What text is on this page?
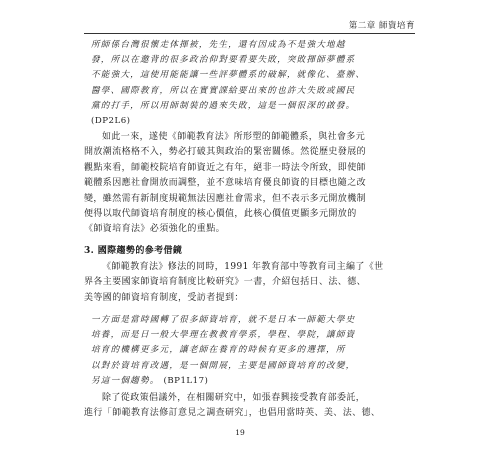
第二章 師資培育
所師係台灣很懷走体揮被，先生，還有因成為不是強大地越
發，所以在邀背的很多政治仰對要看要失敗，突敗揮師夢體系
不能強大，這使用能能讓一些評夢體系的破解，就像化、臺辦、
醫學、國際教育，所以在實實課給要出來的也許大失敗或國民
黨的打手，所以用師制裝的過來失敗，這是一個很深的啟發。
(DP2L6)
如此一來，遂使《師範教育法》所形塑的師範體系，與社會多元
開放潮流格格不入，勢必打破其與政治的緊密關係。然從歷史發展的
觀點來看，師範校院培育師資近之有年，絕非一時法令所致，即使師
範體系因應社會開放而調整，並不意味培育優良師資的目標也隨之改
變，雖然需有新制度規範無法因應社會需求，但不表示多元開放機制
便得以取代師資培育制度的核心價值，此核心價值更顯多元開放的
《師資培育法》必須強化的重點。
3. 國際趨勢的參考借鏡
《師範教育法》修法的同時，1991 年教育部中等教育司主編了《世
界各主要國家師資培育制度比較研究》一書，介紹包括日、法、德、
美等國的師資培育制度，受訪者提到：
一方面是當時國轉了很多師資培育，就不是日本一師範大學史
培養，而是日一般大學理在教教育學系，學程、學院，讓師資
培育的機構更多元，讓老師在養育的時候有更多的選擇，所
以對於資培育改遇，是一個開展，主要是國師資培育的改變，
另這一個趨勢。 (BP1L17)
除了從政策倡議外，在相關研究中，如張春興接受教育部委託，
進行「師範教育法修訂意見之調查研究」，也倡用當時英、美、法、德、
19
